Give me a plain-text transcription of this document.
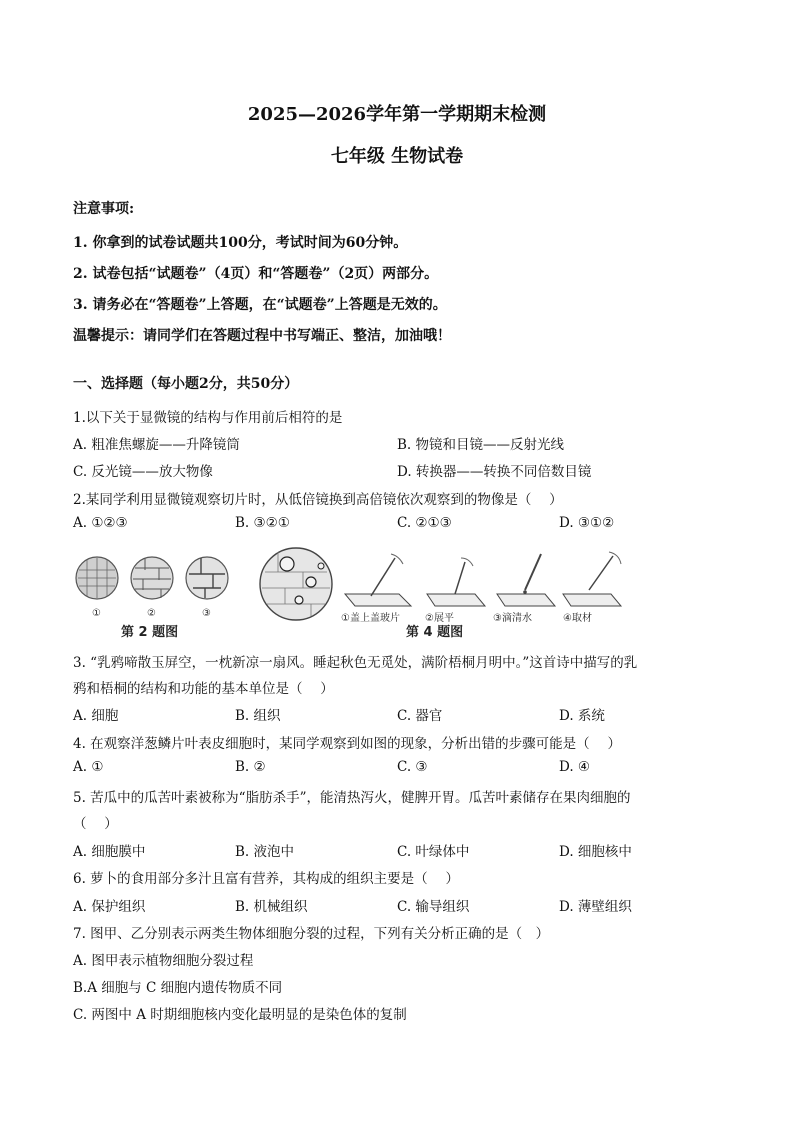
2025—2026学年第一学期期末检测
七年级 生物试卷
注意事项:
1. 你拿到的试卷试题共100分，考试时间为60分钟。
2. 试卷包括“试题卷”（4页）和“答题卷”（2页）两部分。
3. 请务必在“答题卷”上答题，在“试题卷”上答题是无效的。
温馨提示：请同学们在答题过程中书写端正、整洁，加油哦！
一、选择题（每小题2分，共50分）
1.以下关于显微镜的结构与作用前后相符的是
A. 粗准焦螺旋——升降镜筒	B. 物镜和目镜——反射光线
C. 反光镜——放大物像	D. 转换器——转换不同倍数目镜
2.某同学利用显微镜观察切片时，从低倍镜换到高倍镜依次观察到的物像是（　 ）
A. ①②③	B. ③②①	C. ②①③	D. ③①②
①	②	③
第 2 题图
①盖上盖玻片	②展平	③滴清水	④取材
第 4 题图
3. “乳鸦啼散玉屏空，一枕新凉一扇风。睡起秋色无觅处，满阶梧桐月明中。”这首诗中描写的乳
鸦和梧桐的结构和功能的基本单位是（　 ）
A. 细胞	B. 组织	C. 器官	D. 系统
4. 在观察洋葱鳞片叶表皮细胞时，某同学观察到如图的现象，分析出错的步骤可能是（　 ）
A. ①	B. ②	C. ③	D. ④
5. 苦瓜中的瓜苦叶素被称为“脂肪杀手”，能清热泻火，健脾开胃。瓜苦叶素储存在果肉细胞的
（　 ）
A. 细胞膜中	B. 液泡中	C. 叶绿体中	D. 细胞核中
6. 萝卜的食用部分多汁且富有营养，其构成的组织主要是（　 ）
A. 保护组织	B. 机械组织	C. 输导组织	D. 薄壁组织
7. 图甲、乙分别表示两类生物体细胞分裂的过程，下列有关分析正确的是（　）
A. 图甲表示植物细胞分裂过程
B.A 细胞与 C 细胞内遗传物质不同
C. 两图中 A 时期细胞核内变化最明显的是染色体的复制
